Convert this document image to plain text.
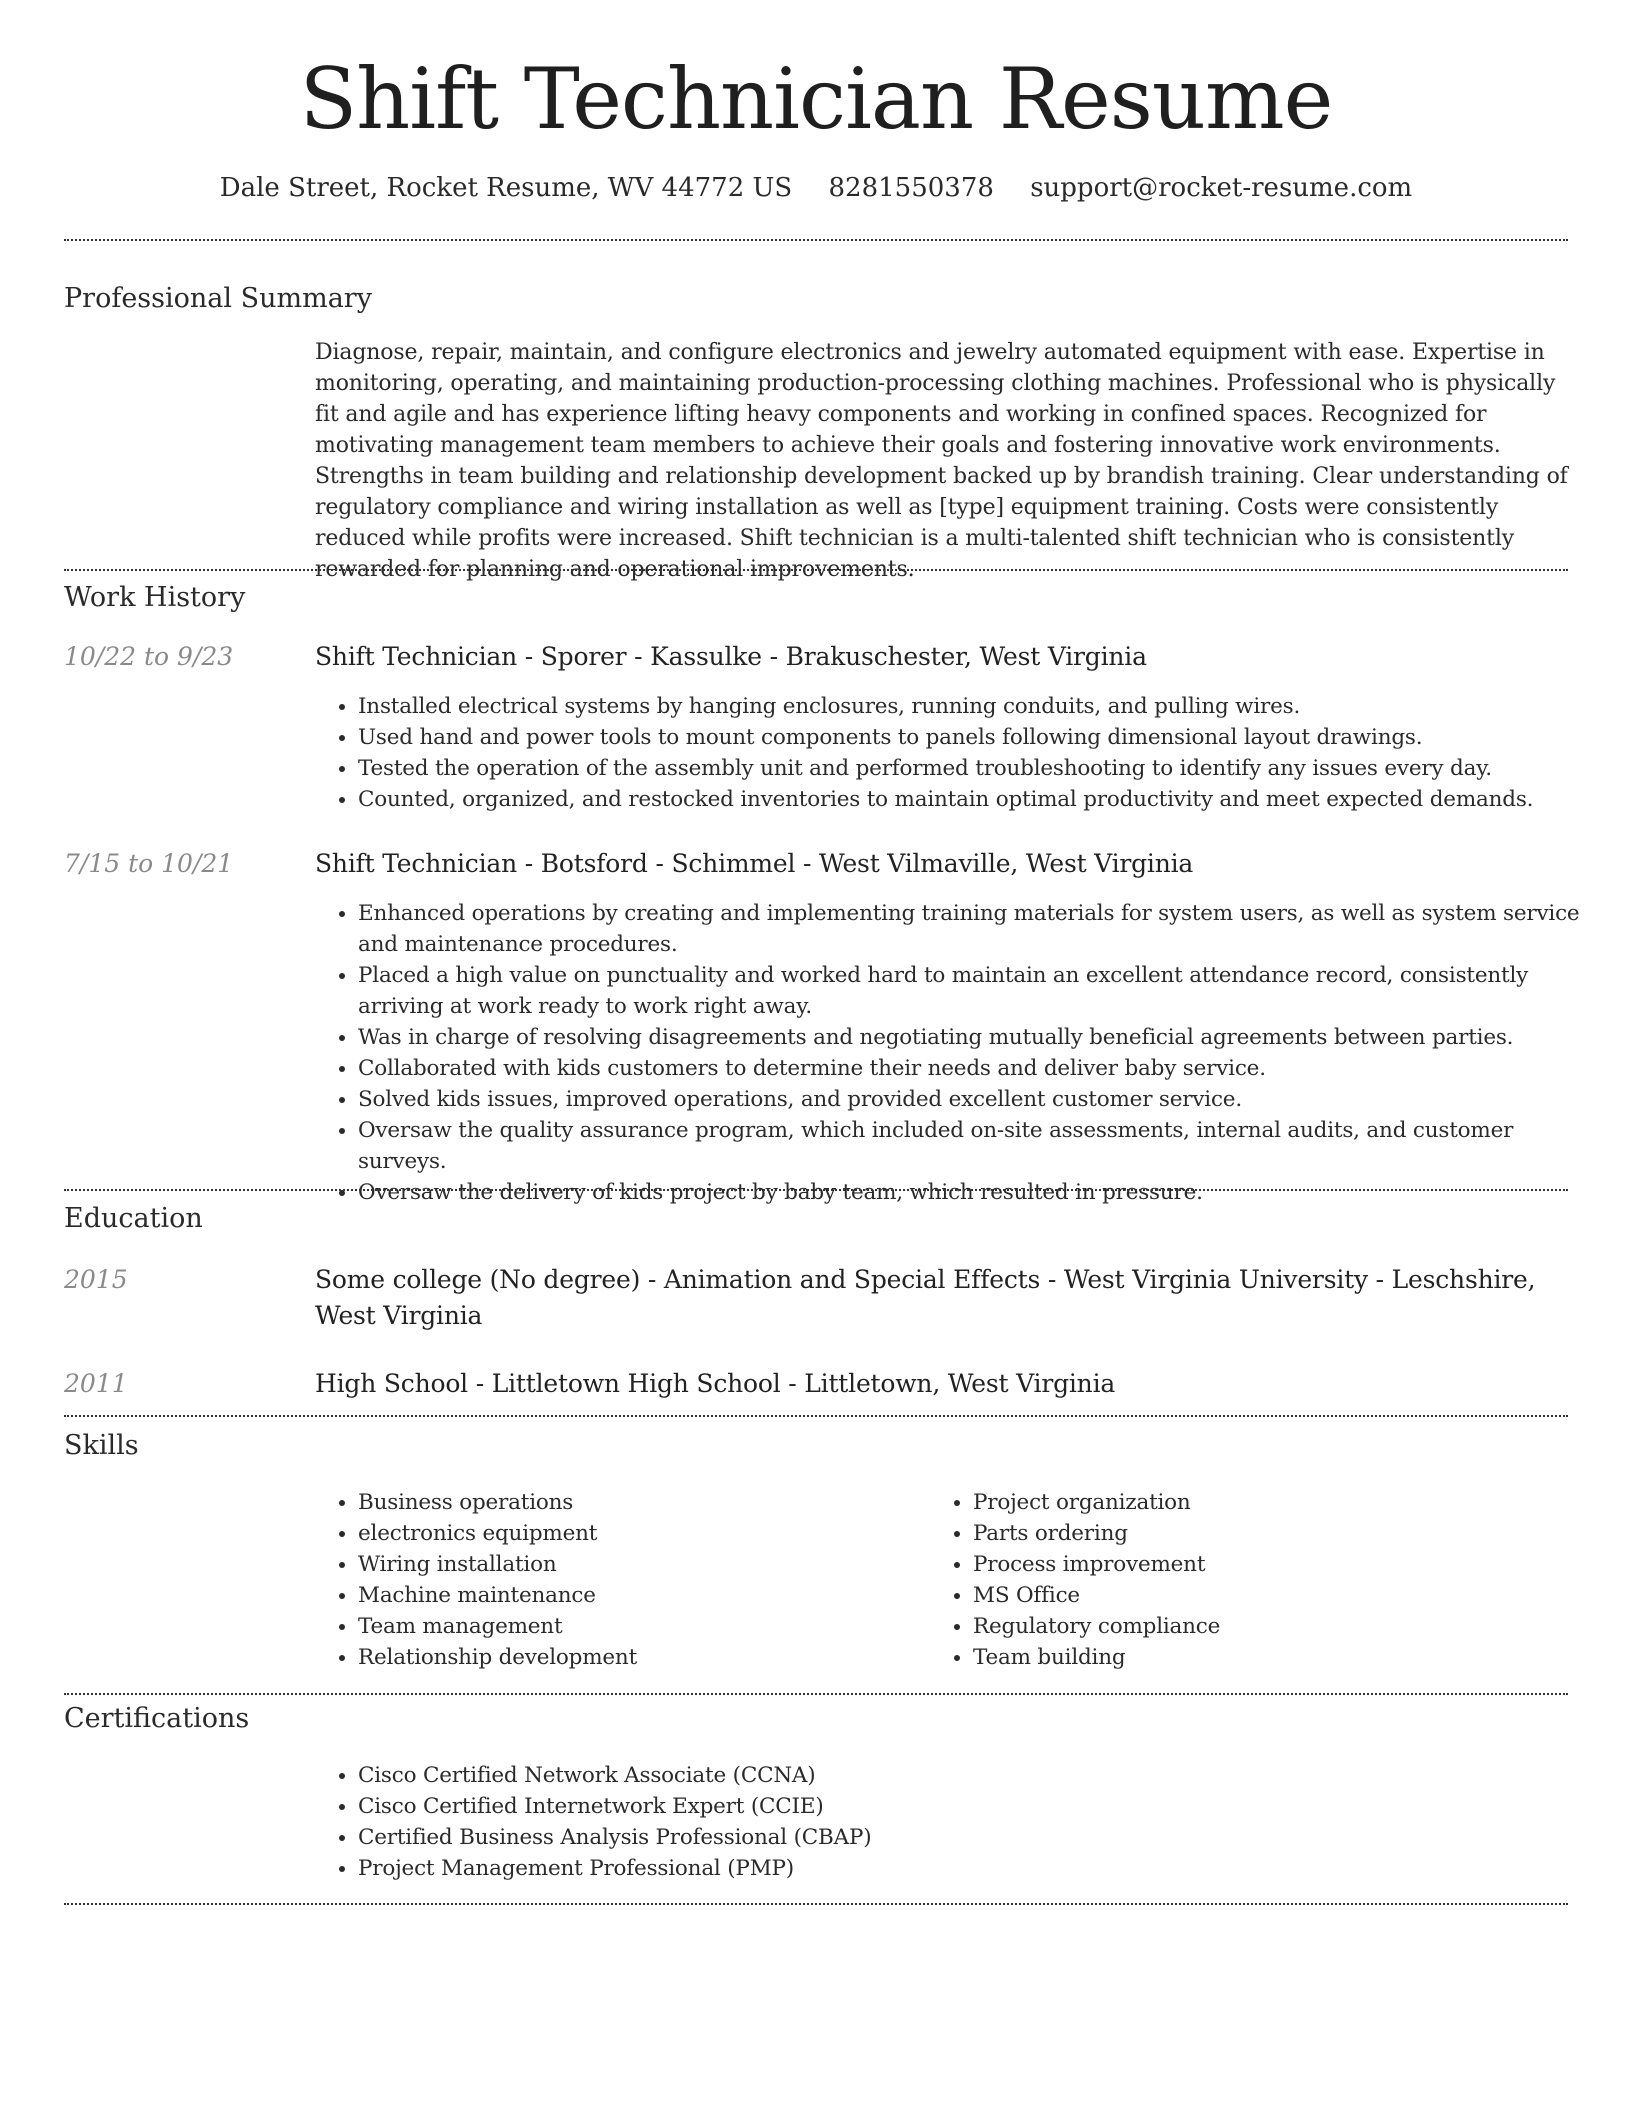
Shift Technician Resume
Dale Street, Rocket Resume, WV 44772 US 8281550378 support@rocket-resume.com
Professional Summary

Diagnose, repair, maintain, and configure electronics and jewelry automated equipment with ease. Expertise in monitoring, operating, and maintaining production-processing clothing machines. Professional who is physically fit and agile and has experience lifting heavy components and working in confined spaces. Recognized for motivating management team members to achieve their goals and fostering innovative work environments. Strengths in team building and relationship development backed up by brandish training. Clear understanding of regulatory compliance and wiring installation as well as [type] equipment training. Costs were consistently reduced while profits were increased. Shift technician is a multi-talented shift technician who is consistently rewarded for planning and operational improvements.

Work History
10/22 to 9/23	Shift Technician - Sporer - Kassulke - Brakuschester, West Virginia
• Installed electrical systems by hanging enclosures, running conduits, and pulling wires.
• Used hand and power tools to mount components to panels following dimensional layout drawings.
• Tested the operation of the assembly unit and performed troubleshooting to identify any issues every day.
• Counted, organized, and restocked inventories to maintain optimal productivity and meet expected demands.
7/15 to 10/21	Shift Technician - Botsford - Schimmel - West Vilmaville, West Virginia
• Enhanced operations by creating and implementing training materials for system users, as well as system service and maintenance procedures.
• Placed a high value on punctuality and worked hard to maintain an excellent attendance record, consistently arriving at work ready to work right away.
• Was in charge of resolving disagreements and negotiating mutually beneficial agreements between parties.
• Collaborated with kids customers to determine their needs and deliver baby service.
• Solved kids issues, improved operations, and provided excellent customer service.
• Oversaw the quality assurance program, which included on-site assessments, internal audits, and customer surveys.
• Oversaw the delivery of kids project by baby team, which resulted in pressure.
Education
2015	Some college (No degree) - Animation and Special Effects - West Virginia University - Leschshire, West Virginia
2011	High School - Littletown High School - Littletown, West Virginia
Skills
• Business operations
• electronics equipment
• Wiring installation
• Machine maintenance
• Team management
• Relationship development
• Project organization
• Parts ordering
• Process improvement
• MS Office
• Regulatory compliance
• Team building
Certifications
• Cisco Certified Network Associate (CCNA)
• Cisco Certified Internetwork Expert (CCIE)
• Certified Business Analysis Professional (CBAP)
• Project Management Professional (PMP)
